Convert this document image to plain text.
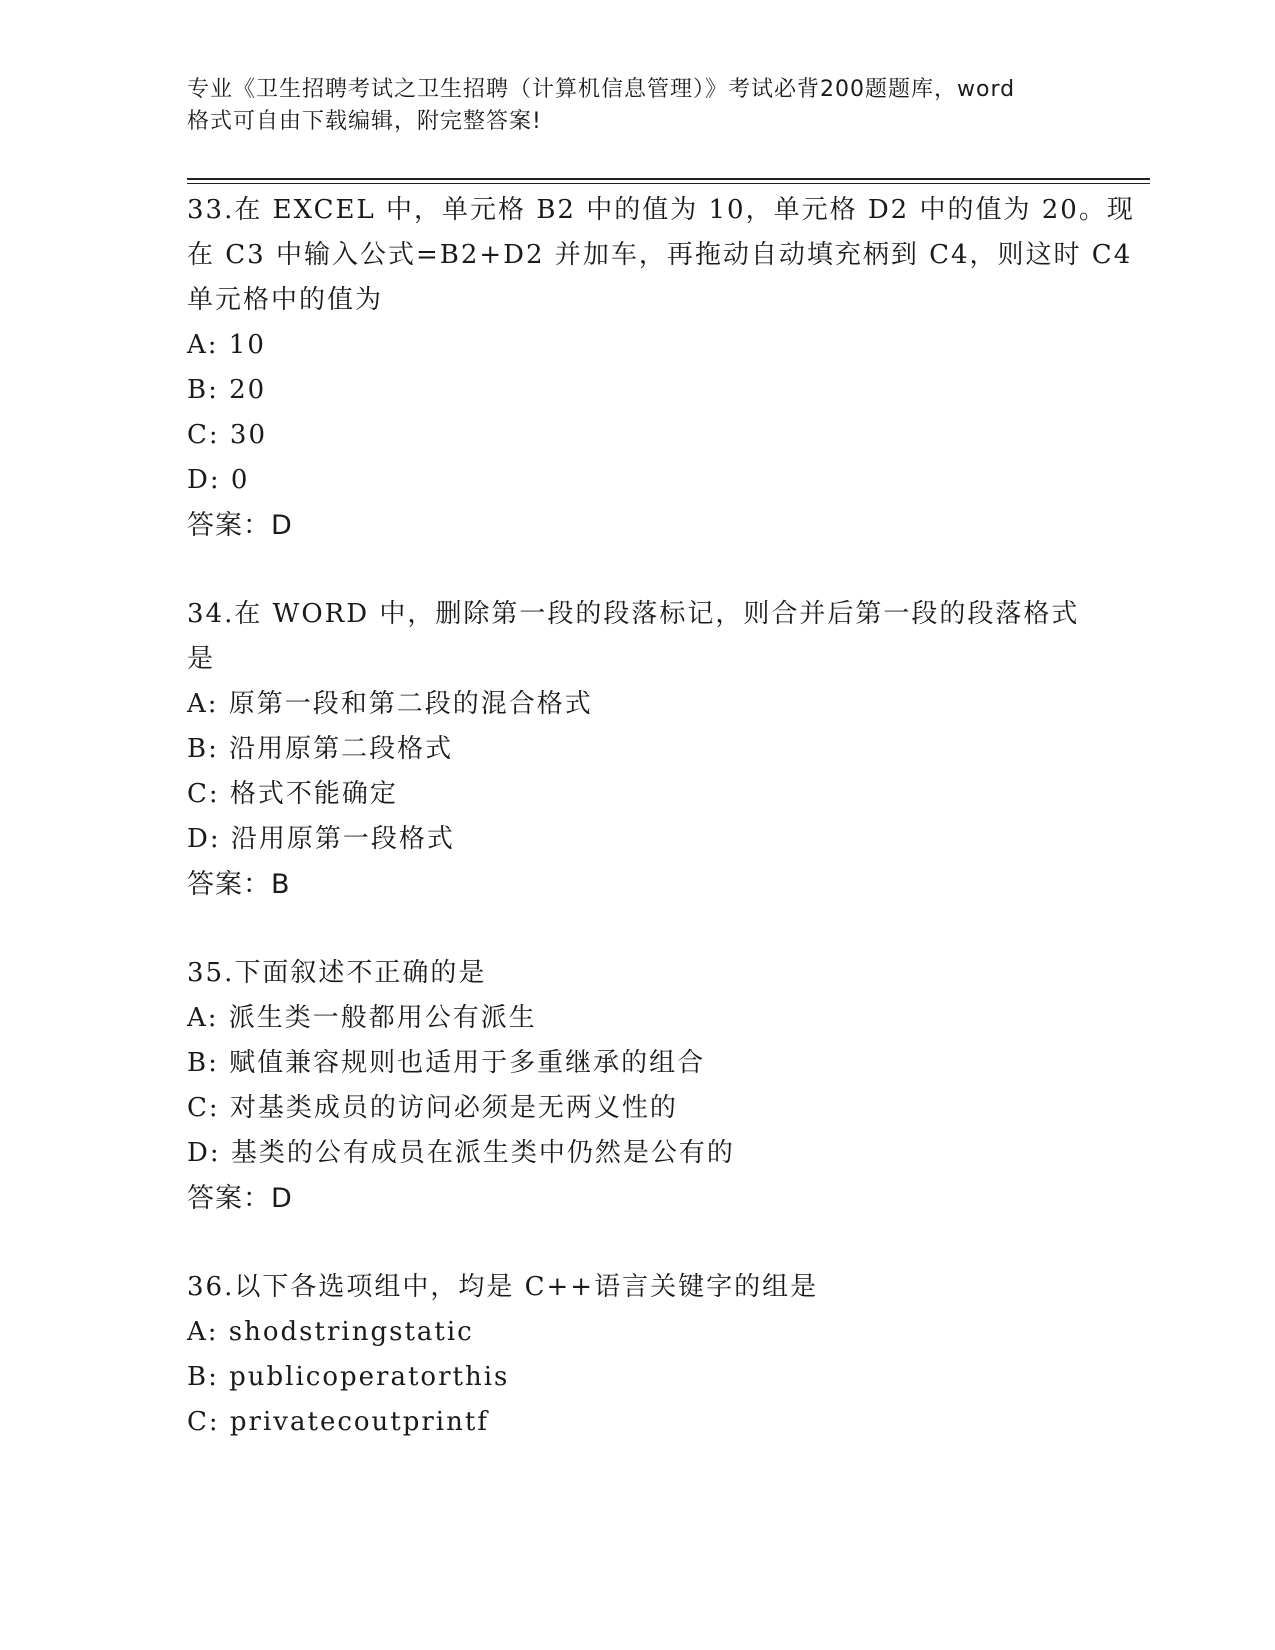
专业《卫生招聘考试之卫生招聘（计算机信息管理）》考试必背200题题库，word
格式可自由下载编辑，附完整答案!
33.在 EXCEL 中，单元格 B2 中的值为 10，单元格 D2 中的值为 20。现
在 C3 中输入公式=B2+D2 并加车，再拖动自动填充柄到 C4，则这时 C4
单元格中的值为
A: 10
B: 20
C: 30
D: 0
答案：D
34.在 WORD 中，删除第一段的段落标记，则合并后第一段的段落格式
是
A: 原第一段和第二段的混合格式
B: 沿用原第二段格式
C: 格式不能确定
D: 沿用原第一段格式
答案：B
35.下面叙述不正确的是
A: 派生类一般都用公有派生
B: 赋值兼容规则也适用于多重继承的组合
C: 对基类成员的访问必须是无两义性的
D: 基类的公有成员在派生类中仍然是公有的
答案：D
36.以下各选项组中，均是 C++语言关键字的组是
A: shodstringstatic
B: publicoperatorthis
C: privatecoutprintf
